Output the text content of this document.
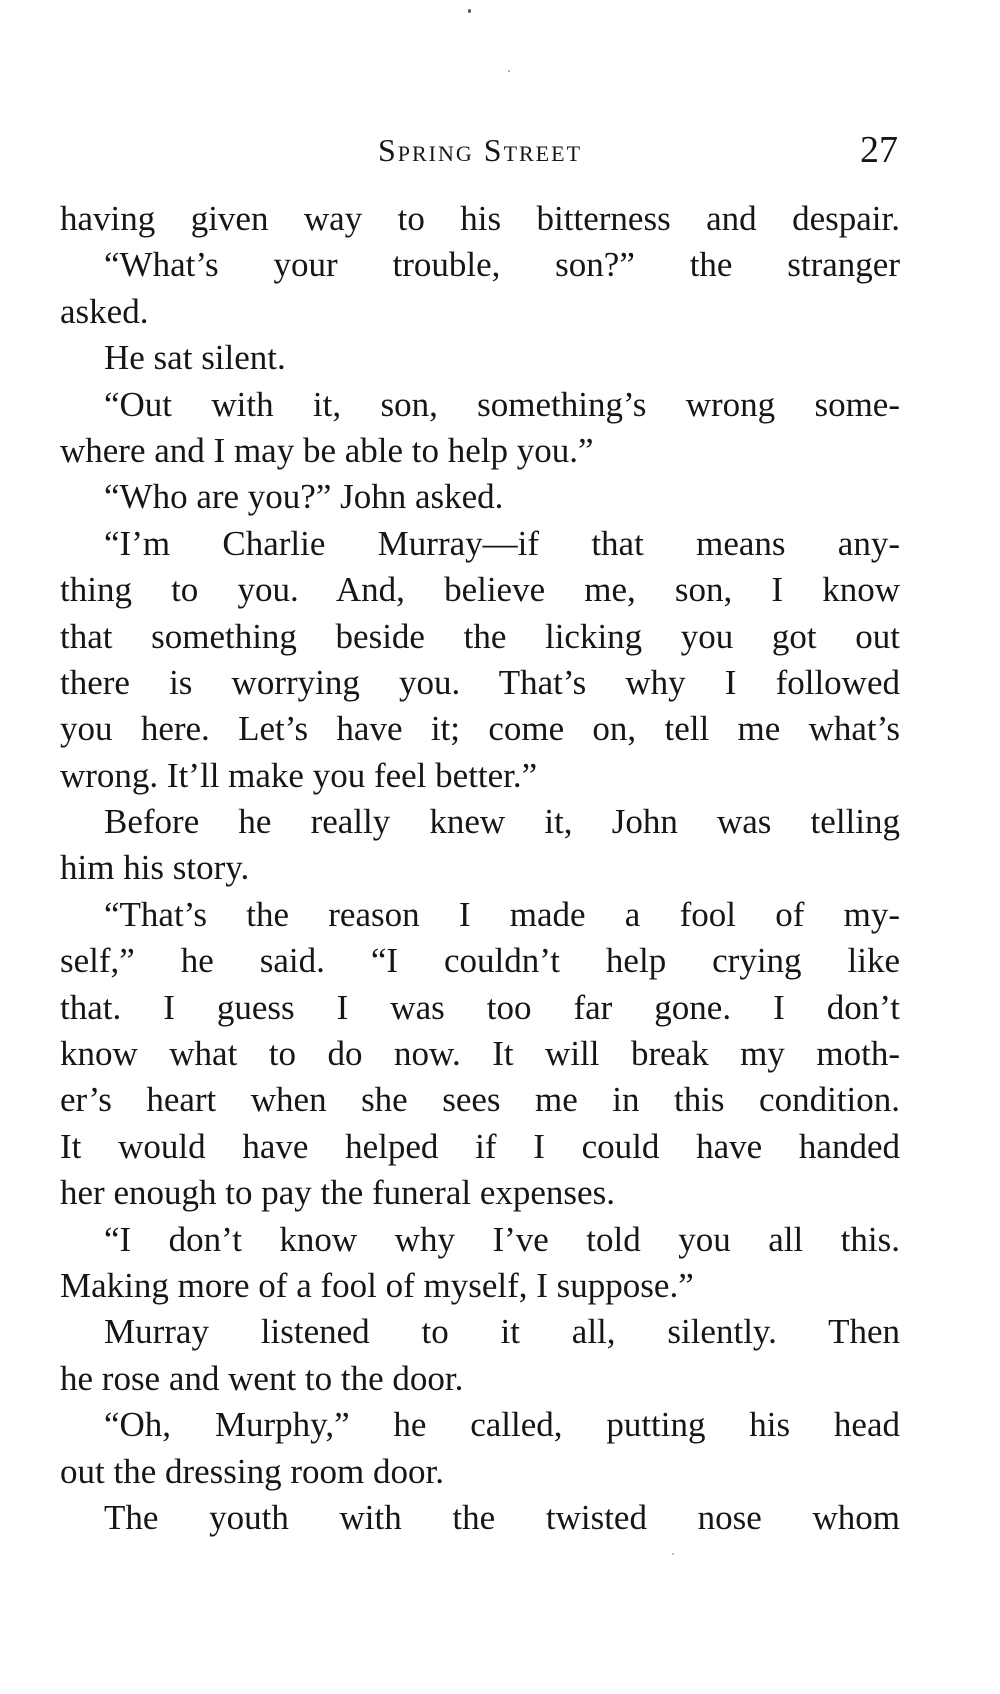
Spring Street	27
having given way to his bitterness and despair.
“What’s your trouble, son?” the stranger
asked.
He sat silent.
“Out with it, son, something’s wrong some-
where and I may be able to help you.”
“Who are you?” John asked.
“I’m Charlie Murray—if that means any-
thing to you. And, believe me, son, I know
that something beside the licking you got out
there is worrying you. That’s why I followed
you here. Let’s have it; come on, tell me what’s
wrong. It’ll make you feel better.”
Before he really knew it, John was telling
him his story.
“That’s the reason I made a fool of my-
self,” he said. “I couldn’t help crying like
that. I guess I was too far gone. I don’t
know what to do now. It will break my moth-
er’s heart when she sees me in this condition.
It would have helped if I could have handed
her enough to pay the funeral expenses.
“I don’t know why I’ve told you all this.
Making more of a fool of myself, I suppose.”
Murray listened to it all, silently. Then
he rose and went to the door.
“Oh, Murphy,” he called, putting his head
out the dressing room door.
The youth with the twisted nose whom
